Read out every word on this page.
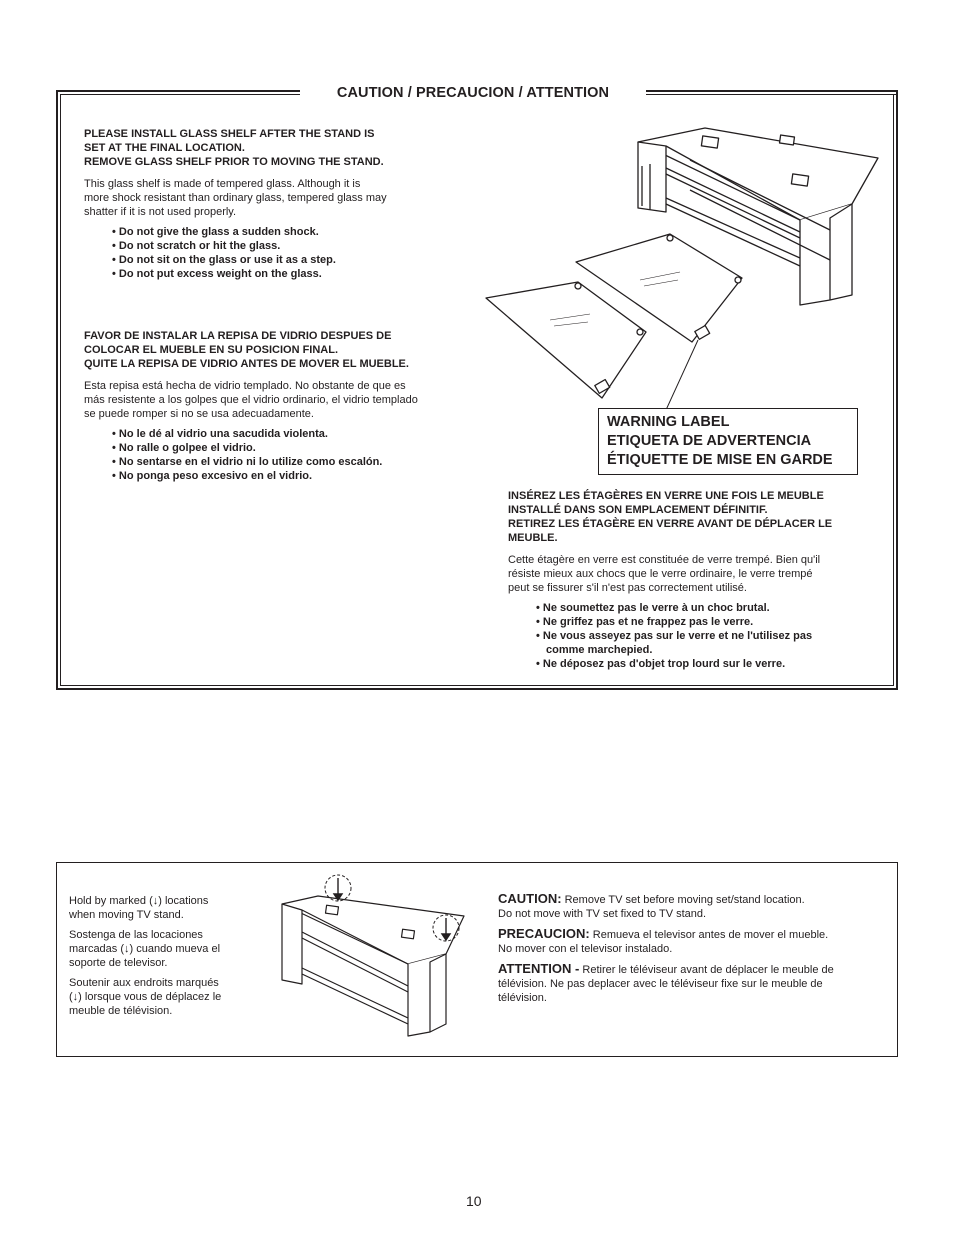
CAUTION / PRECAUCION / ATTENTION

PLEASE INSTALL GLASS SHELF AFTER THE STAND IS

SET AT THE FINAL LOCATION.

REMOVE GLASS SHELF PRIOR TO MOVING THE STAND.

This glass shelf is made of tempered glass. Although it is

more shock resistant than ordinary glass, tempered glass may

shatter if it is not used properly.

• Do not give the glass a sudden shock.
• Do not scratch or hit the glass.
• Do not sit on the glass or use it as a step.
• Do not put excess weight on the glass.

FAVOR DE INSTALAR LA REPISA DE VIDRIO DESPUES DE

COLOCAR EL MUEBLE EN SU POSICION FINAL.

QUITE LA REPISA DE VIDRIO ANTES DE MOVER EL MUEBLE.

Esta repisa está hecha de vidrio templado. No obstante de que es

más resistente a los golpes que el vidrio ordinario, el vidrio templado

se puede romper si no se usa adecuadamente.

• No le dé al vidrio una sacudida violenta.
• No ralle o golpee el vidrio.
• No sentarse en el vidrio ni lo utilize como escalón.
• No ponga peso excesivo en el vidrio.
WARNING LABEL
ETIQUETA DE ADVERTENCIA
ÉTIQUETTE DE MISE EN GARDE

INSÉREZ LES ÉTAGÈRES EN VERRE UNE FOIS LE MEUBLE

INSTALLÉ DANS SON EMPLACEMENT DÉFINITIF.

RETIREZ LES ÉTAGÈRE EN VERRE AVANT DE DÉPLACER LE

MEUBLE.

Cette étagère en verre est constituée de verre trempé. Bien qu'il

résiste mieux aux chocs que le verre ordinaire, le verre trempé

peut se fissurer s'il n'est pas correctement utilisé.

• Ne soumettez pas le verre à un choc brutal.
• Ne griffez pas et ne frappez pas le verre.
• Ne vous asseyez pas sur le verre et ne l'utilisez pas comme marchepied.
• Ne déposez pas d'objet trop lourd sur le verre.

Hold by marked (↓) locations
when moving TV stand.

Sostenga de las locaciones
marcadas (↓) cuando mueva el
soporte de televisor.

Soutenir aux endroits marqués
(↓) lorsque vous de déplacez le
meuble de télévision.

CAUTION: Remove TV set before moving set/stand location.
Do not move with TV set fixed to TV stand.

PRECAUCION: Remueva el televisor antes de mover el mueble.
No mover con el televisor instalado.

ATTENTION - Retirer le téléviseur avant de déplacer le meuble de
télévision. Ne pas deplacer avec le téléviseur fixe sur le meuble de
télévision.

10
